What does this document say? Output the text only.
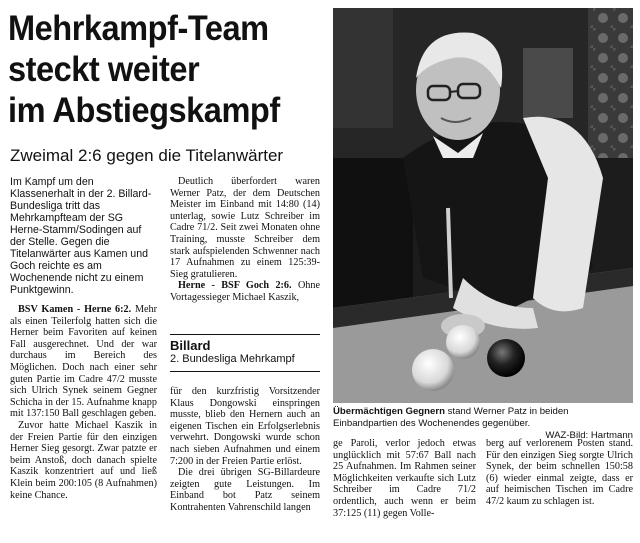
Mehrkampf-Team
steckt weiter
im Abstiegskampf
Zweimal 2:6 gegen die Titelanwärter

Im Kampf um den Klassenerhalt in der 2. Billard-Bundesliga tritt das Mehrkampfteam der SG Herne-Stamm/Sodingen auf der Stelle. Gegen die Titelanwärter aus Kamen und Goch reichte es am Wochenende nicht zu einem Punktgewinn.

BSV Kamen - Herne 6:2. Mehr als einen Teilerfolg hatten sich die Herner beim Favoriten auf keinen Fall ausgerechnet. Und der war durchaus im Bereich des Möglichen. Doch nach einer sehr guten Partie im Cadre 47/2 musste sich Ulrich Synek seinem Gegner Schicha in der 15. Aufnahme knapp mit 137:150 Ball geschlagen geben.

Zuvor hatte Michael Kaszik in der Freien Partie für den einzigen Herner Sieg gesorgt. Zwar patzte er beim Anstoß, doch danach spielte Kaszik konzentriert auf und ließ Klein beim 200:105 (8 Aufnahmen) keine Chance.

Deutlich überfordert waren Werner Patz, der dem Deutschen Meister im Einband mit 14:80 (14) unterlag, sowie Lutz Schreiber im Cadre 71/2. Seit zwei Monaten ohne Training, musste Schreiber dem stark aufspielenden Schwenner nach 17 Aufnahmen zu einem 125:39-Sieg gratulieren.

Herne - BSF Goch 2:6. Ohne Vortagessieger Michael Kaszik,

Billard
2. Bundesliga Mehrkampf

für den kurzfristig Vorsitzender Klaus Dongowski einspringen musste, blieb den Hernern auch an eigenen Tischen ein Erfolgserlebnis verwehrt. Dongowski wurde schon nach sieben Aufnahmen und einem 7:200 in der Freien Partie erlöst.

Die drei übrigen SG-Billardeure zeigten gute Leistungen. Im Einband bot Patz seinem Kontrahenten Vahrenschild langen

Übermächtigen Gegnern stand Werner Patz in beiden Einbandpartien des Wochenendes gegenüber.
WAZ-Bild: Hartmann

ge Paroli, verlor jedoch etwas unglücklich mit 57:67 Ball nach 25 Aufnahmen. Im Rahmen seiner Möglichkeiten verkaufte sich Lutz Schreiber im Cadre 71/2 ordentlich, auch wenn er beim 37:125 (11) gegen Volle-

berg auf verlorenem Posten stand. Für den einzigen Sieg sorgte Ulrich Synek, der beim schnellen 150:58 (6) wieder einmal zeigte, dass er auf heimischen Tischen im Cadre 47/2 kaum zu schlagen ist.
